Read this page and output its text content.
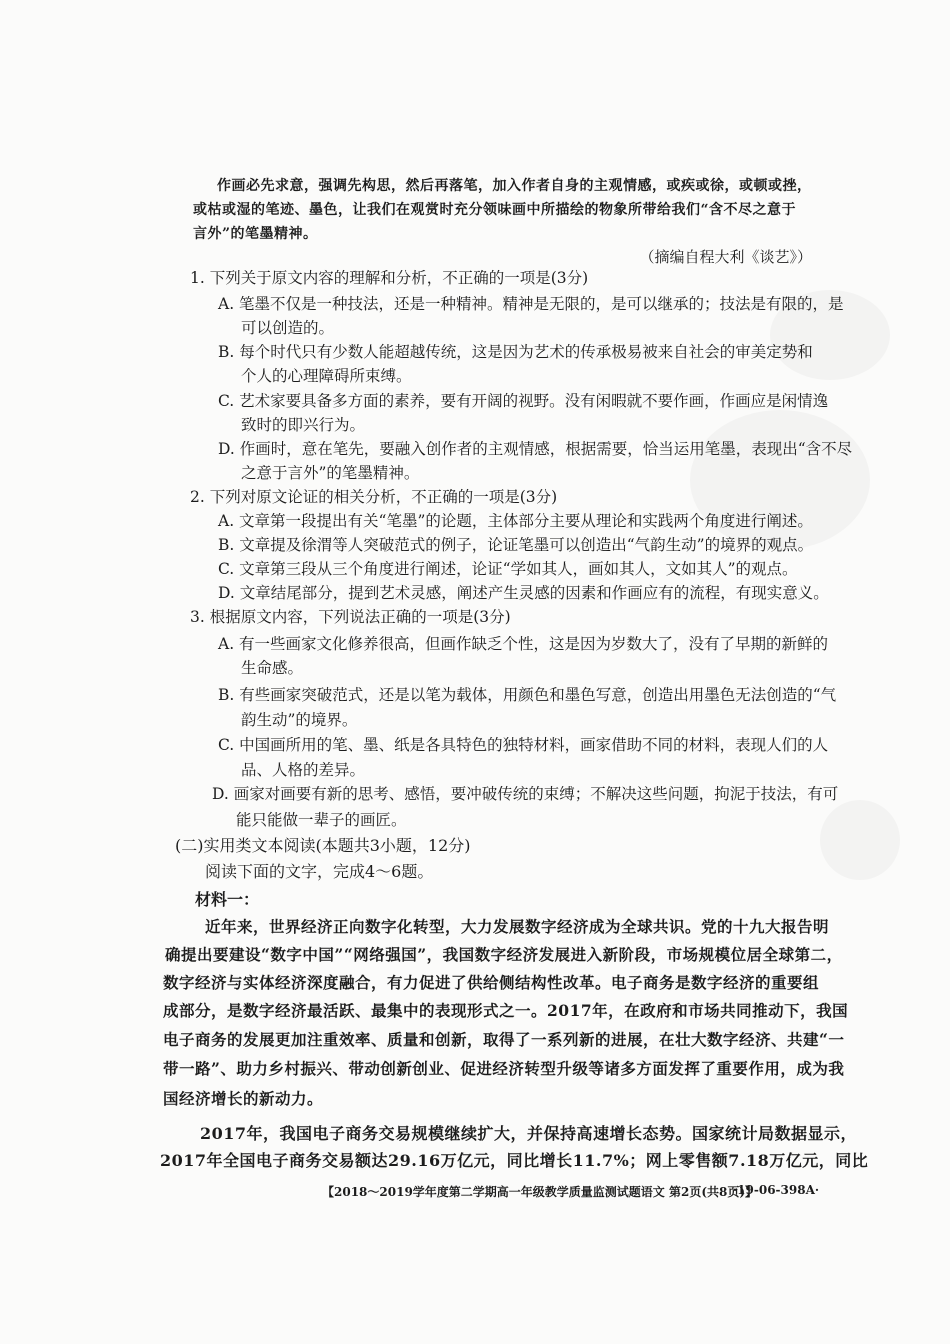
作画必先求意，强调先构思，然后再落笔，加入作者自身的主观情感，或疾或徐，或顿或挫，
或枯或湿的笔迹、墨色，让我们在观赏时充分领味画中所描绘的物象所带给我们“含不尽之意于
言外”的笔墨精神。
（摘编自程大利《谈艺》）
1. 下列关于原文内容的理解和分析，不正确的一项是(3分)
A. 笔墨不仅是一种技法，还是一种精神。精神是无限的，是可以继承的；技法是有限的，是
可以创造的。
B. 每个时代只有少数人能超越传统，这是因为艺术的传承极易被来自社会的审美定势和
个人的心理障碍所束缚。
C. 艺术家要具备多方面的素养，要有开阔的视野。没有闲暇就不要作画，作画应是闲情逸
致时的即兴行为。
D. 作画时，意在笔先，要融入创作者的主观情感，根据需要，恰当运用笔墨，表现出“含不尽
之意于言外”的笔墨精神。
2. 下列对原文论证的相关分析，不正确的一项是(3分)
A. 文章第一段提出有关“笔墨”的论题，主体部分主要从理论和实践两个角度进行阐述。
B. 文章提及徐渭等人突破范式的例子，论证笔墨可以创造出“气韵生动”的境界的观点。
C. 文章第三段从三个角度进行阐述，论证“学如其人，画如其人，文如其人”的观点。
D. 文章结尾部分，提到艺术灵感，阐述产生灵感的因素和作画应有的流程，有现实意义。
3. 根据原文内容，下列说法正确的一项是(3分)
A. 有一些画家文化修养很高，但画作缺乏个性，这是因为岁数大了，没有了早期的新鲜的
生命感。
B. 有些画家突破范式，还是以笔为载体，用颜色和墨色写意，创造出用墨色无法创造的“气
韵生动”的境界。
C. 中国画所用的笔、墨、纸是各具特色的独特材料，画家借助不同的材料，表现人们的人
品、人格的差异。
D. 画家对画要有新的思考、感悟，要冲破传统的束缚；不解决这些问题，拘泥于技法，有可
能只能做一辈子的画匠。
(二)实用类文本阅读(本题共3小题，12分)
阅读下面的文字，完成4～6题。
材料一：
近年来，世界经济正向数字化转型，大力发展数字经济成为全球共识。党的十九大报告明
确提出要建设“数字中国”“网络强国”，我国数字经济发展进入新阶段，市场规模位居全球第二，
数字经济与实体经济深度融合，有力促进了供给侧结构性改革。电子商务是数字经济的重要组
成部分，是数字经济最活跃、最集中的表现形式之一。2017年，在政府和市场共同推动下，我国
电子商务的发展更加注重效率、质量和创新，取得了一系列新的进展，在壮大数字经济、共建“一
带一路”、助力乡村振兴、带动创新创业、促进经济转型升级等诸多方面发挥了重要作用，成为我
国经济增长的新动力。
2017年，我国电子商务交易规模继续扩大，并保持高速增长态势。国家统计局数据显示，
2017年全国电子商务交易额达29.16万亿元，同比增长11.7%；网上零售额7.18万亿元，同比
【2018～2019学年度第二学期高一年级教学质量监测试题语文 第2页(共8页)】
·19-06-398A·
